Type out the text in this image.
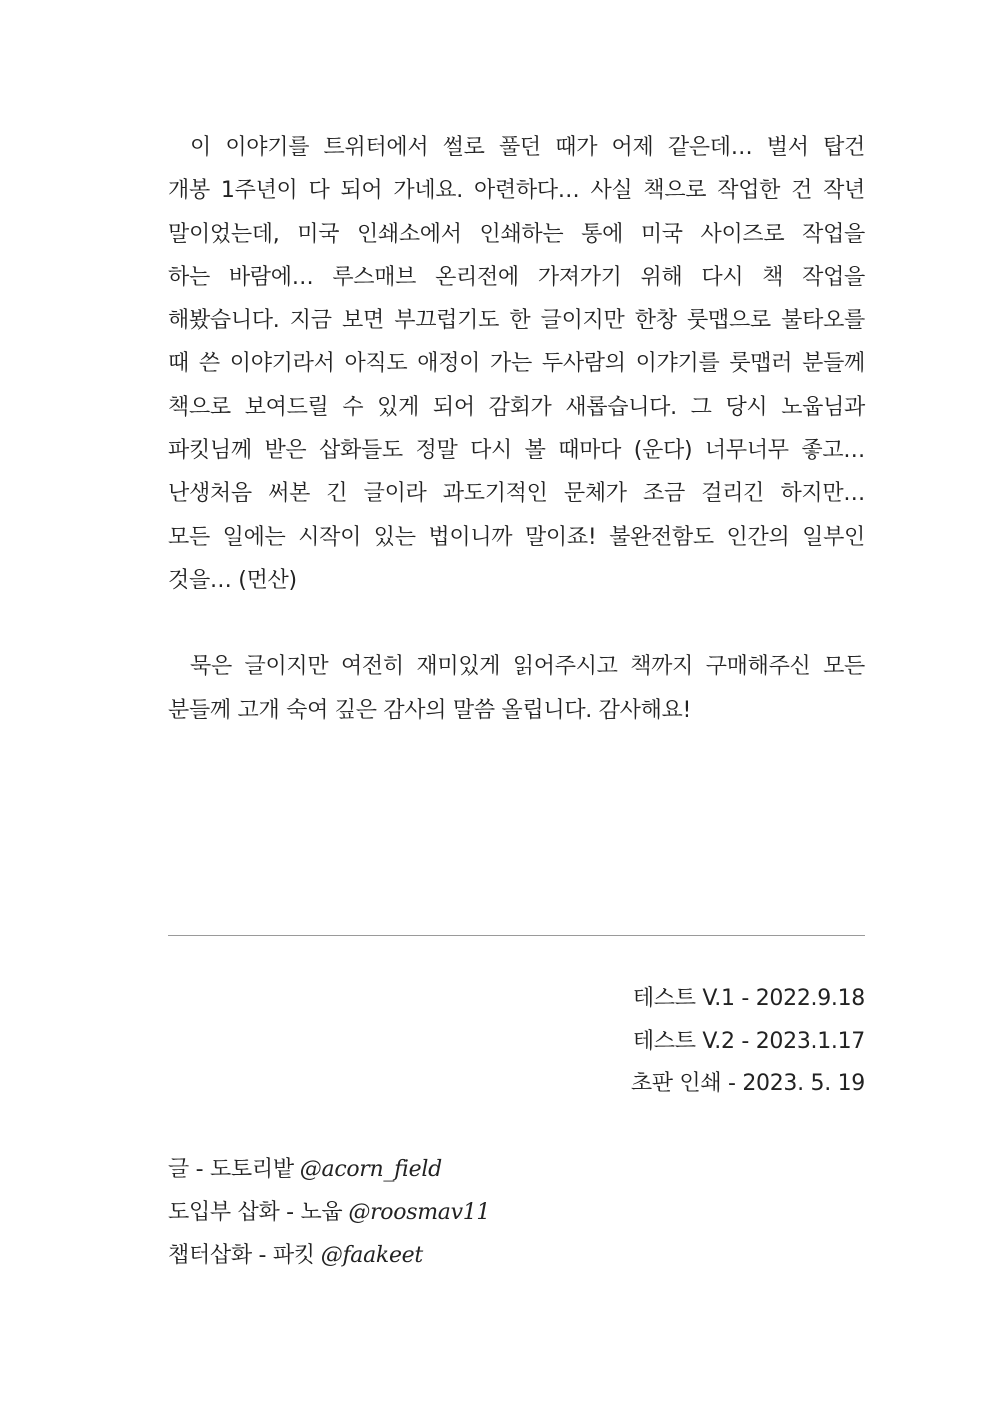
이 이야기를 트위터에서 썰로 풀던 때가 어제 같은데… 벌서 탑건
개봉 1주년이 다 되어 가네요. 아련하다… 사실 책으로 작업한 건 작년
말이었는데, 미국 인쇄소에서 인쇄하는 통에 미국 사이즈로 작업을
하는 바람에… 루스매브 온리전에 가져가기 위해 다시 책 작업을
해봤습니다. 지금 보면 부끄럽기도 한 글이지만 한창 룻맵으로 불타오를
때 쓴 이야기라서 아직도 애정이 가는 두사람의 이갸기를 룻맵러 분들께
책으로 보여드릴 수 있게 되어 감회가 새롭습니다. 그 당시 노웁님과
파킷님께 받은 삽화들도 정말 다시 볼 때마다 (운다) 너무너무 좋고…
난생처음 써본 긴 글이라 과도기적인 문체가 조금 걸리긴 하지만…
모든 일에는 시작이 있는 법이니까 말이죠! 불완전함도 인간의 일부인
것을… (먼산)

묵은 글이지만 여전히 재미있게 읽어주시고 책까지 구매해주신 모든
분들께 고개 숙여 깊은 감사의 말씀 올립니다. 감사해요!

테스트 V.1 - 2022.9.18
테스트 V.2 - 2023.1.17
초판 인쇄 - 2023. 5. 19
글 - 도토리밭 @acorn_field
도입부 삽화 - 노웁 @roosmav11
챕터삽화 - 파킷 @faakeet
